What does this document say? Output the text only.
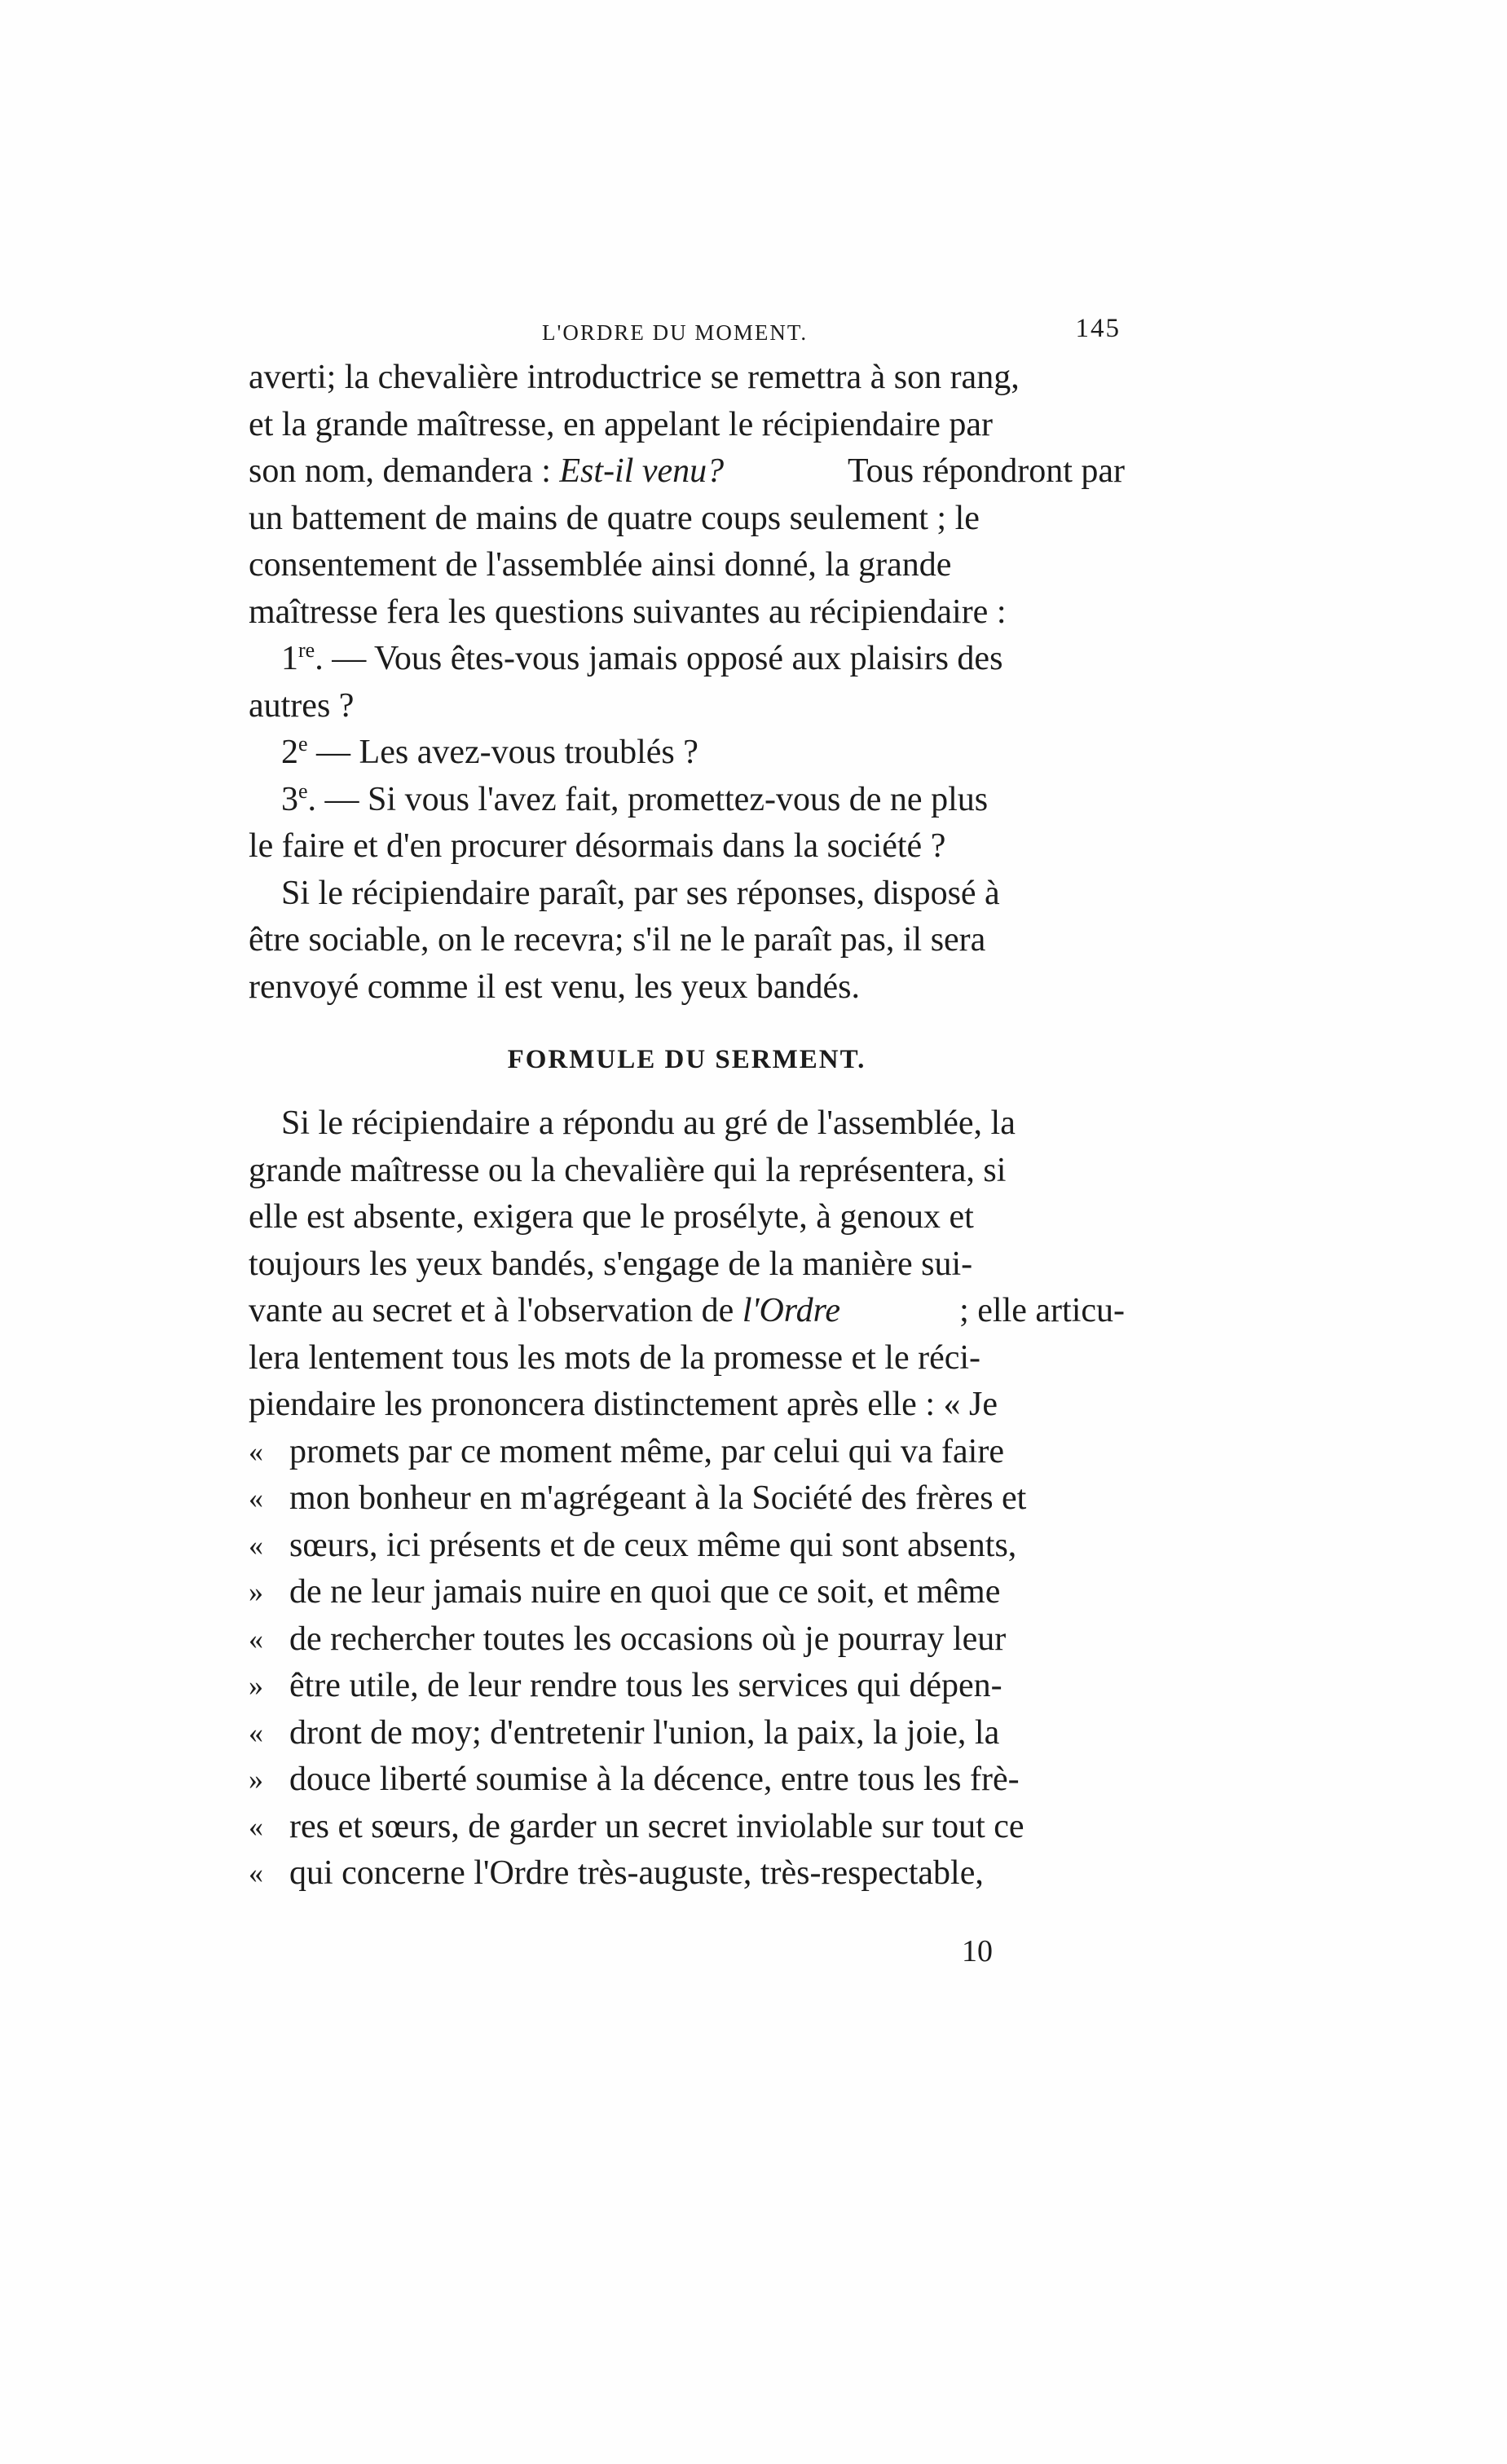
L'ORDRE DU MOMENT.	145
averti; la chevalière introductrice se remettra à son rang,
et la grande maîtresse, en appelant le récipiendaire par
son nom, demandera : Est-il venu?	Tous répondront par
un battement de mains de quatre coups seulement ; le
consentement de l'assemblée ainsi donné, la grande
maîtresse fera les questions suivantes au récipiendaire :
1re. — Vous êtes-vous jamais opposé aux plaisirs des
autres ?
2e — Les avez-vous troublés ?
3e. — Si vous l'avez fait, promettez-vous de ne plus
le faire et d'en procurer désormais dans la société ?
Si le récipiendaire paraît, par ses réponses, disposé à
être sociable, on le recevra; s'il ne le paraît pas, il sera
renvoyé comme il est venu, les yeux bandés.
FORMULE DU SERMENT.
Si le récipiendaire a répondu au gré de l'assemblée, la
grande maîtresse ou la chevalière qui la représentera, si
elle est absente, exigera que le prosélyte, à genoux et
toujours les yeux bandés, s'engage de la manière sui-
vante au secret et à l'observation de l'Ordre	; elle articu-
lera lentement tous les mots de la promesse et le réci-
piendaire les prononcera distinctement après elle : « Je
« promets par ce moment même, par celui qui va faire
« mon bonheur en m'agrégeant à la Société des frères et
« sœurs, ici présents et de ceux même qui sont absents,
» de ne leur jamais nuire en quoi que ce soit, et même
« de rechercher toutes les occasions où je pourray leur
» être utile, de leur rendre tous les services qui dépen-
« dront de moy; d'entretenir l'union, la paix, la joie, la
» douce liberté soumise à la décence, entre tous les frè-
« res et sœurs, de garder un secret inviolable sur tout ce
« qui concerne l'Ordre très-auguste, très-respectable,
10
